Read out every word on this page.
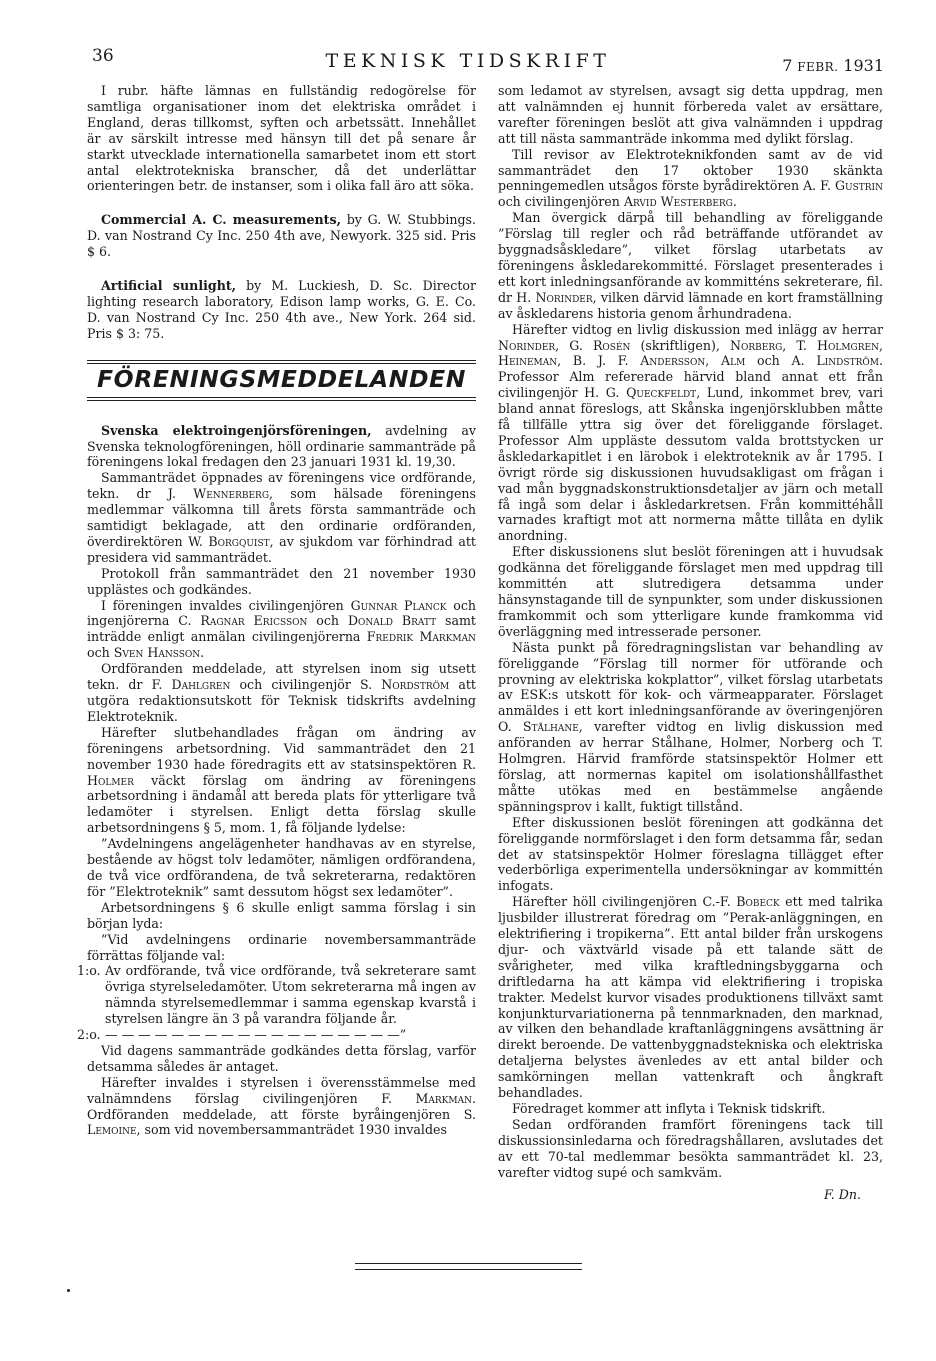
36	TEKNISK TIDSKRIFT	7 FEBR. 1931

I rubr. häfte lämnas en fullständig redogörelse för samtliga organisationer inom det elektriska området i England, deras tillkomst, syften och arbetssätt. Innehållet är av särskilt intresse med hänsyn till det på senare år starkt utvecklade internationella samarbetet inom ett stort antal elektrotekniska branscher, då det underlättar orienteringen betr. de instanser, som i olika fall äro att söka.

Commercial A. C. measurements, by G. W. Stubbings. D. van Nostrand Cy Inc. 250 4th ave, Newyork. 325 sid. Pris $ 6.

Artificial sunlight, by M. Luckiesh, D. Sc. Director lighting research laboratory, Edison lamp works, G. E. Co. D. van Nostrand Cy Inc. 250 4th ave., New York. 264 sid. Pris $ 3: 75.

FÖRENINGSMEDDELANDEN

Svenska elektroingenjörsföreningen, avdelning av Svenska teknologföreningen, höll ordinarie sammanträde på föreningens lokal fredagen den 23 januari 1931 kl. 19,30.

Sammanträdet öppnades av föreningens vice ordförande, tekn. dr J. Wennerberg, som hälsade föreningens medlemmar välkomna till årets första sammanträde och samtidigt beklagade, att den ordinarie ordföranden, överdirektören W. Borgquist, av sjukdom var förhindrad att presidera vid sammanträdet.

Protokoll från sammanträdet den 21 november 1930 upplästes och godkändes.

I föreningen invaldes civilingenjören Gunnar Planck och ingenjörerna C. Ragnar Ericsson och Donald Bratt samt inträdde enligt anmälan civilingenjörerna Fredrik Markman och Sven Hansson.

Ordföranden meddelade, att styrelsen inom sig utsett tekn. dr F. Dahlgren och civilingenjör S. Nordström att utgöra redaktionsutskott för Teknisk tidskrifts avdelning Elektroteknik.

Härefter slutbehandlades frågan om ändring av föreningens arbetsordning. Vid sammanträdet den 21 november 1930 hade föredragits ett av statsinspektören R. Holmer väckt förslag om ändring av föreningens arbetsordning i ändamål att bereda plats för ytterligare två ledamöter i styrelsen. Enligt detta förslag skulle arbetsordningens § 5, mom. 1, få följande lydelse:

”Avdelningens angelägenheter handhavas av en styrelse, bestående av högst tolv ledamöter, nämligen ordförandena, de två vice ordförandena, de två sekreterarna, redaktören för ”Elektroteknik” samt dessutom högst sex ledamöter”.

Arbetsordningens § 6 skulle enligt samma förslag i sin början lyda:

”Vid avdelningens ordinarie novembersammanträde förrättas följande val:

1:o. Av ordförande, två vice ordförande, två sekreterare samt övriga styrelseledamöter. Utom sekreterarna må ingen av nämnda styrelsemedlemmar i samma egenskap kvarstå i styrelsen längre än 3 på varandra följande år.
2:o. — — — — — — — — — — — — — — — — — —”

Vid dagens sammanträde godkändes detta förslag, varför detsamma således är antaget.

Härefter invaldes i styrelsen i överensstämmelse med valnämndens förslag civilingenjören F. Markman. Ordföranden meddelade, att förste byråingenjören S. Lemoine, som vid novembersammanträdet 1930 invaldes

som ledamot av styrelsen, avsagt sig detta uppdrag, men att valnämnden ej hunnit förbereda valet av ersättare, varefter föreningen beslöt att giva valnämnden i uppdrag att till nästa sammanträde inkomma med dylikt förslag.

Till revisor av Elektroteknikfonden samt av de vid sammanträdet den 17 oktober 1930 skänkta penningemedlen utsågos förste byrådirektören A. F. Gustrin och civilingenjören Arvid Westerberg.

Man övergick därpå till behandling av föreliggande ”Förslag till regler och råd beträffande utförandet av byggnadsåskledare”, vilket förslag utarbetats av föreningens åskledarekommitté. Förslaget presenterades i ett kort inledningsanförande av kommitténs sekreterare, fil. dr H. Norinder, vilken därvid lämnade en kort framställning av åskledarens historia genom århundradena.

Härefter vidtog en livlig diskussion med inlägg av herrar Norinder, G. Rosén (skriftligen), Norberg, T. Holmgren, Heineman, B. J. F. Andersson, Alm och A. Lindström. Professor Alm refererade härvid bland annat ett från civilingenjör H. G. Queckfeldt, Lund, inkommet brev, vari bland annat föreslogs, att Skånska ingenjörsklubben måtte få tillfälle yttra sig över det föreliggande förslaget. Professor Alm uppläste dessutom valda brottstycken ur åskledarkapitlet i en lärobok i elektroteknik av år 1795. I övrigt rörde sig diskussionen huvudsakligast om frågan i vad mån byggnadskonstruktionsdetaljer av järn och metall få ingå som delar i åskledarkretsen. Från kommittéhåll varnades kraftigt mot att normerna måtte tillåta en dylik anordning.

Efter diskussionens slut beslöt föreningen att i huvudsak godkänna det föreliggande förslaget men med uppdrag till kommittén att slutredigera detsamma under hänsynstagande till de synpunkter, som under diskussionen framkommit och som ytterligare kunde framkomma vid överläggning med intresserade personer.

Nästa punkt på föredragningslistan var behandling av föreliggande ”Förslag till normer för utförande och provning av elektriska kokplattor”, vilket förslag utarbetats av ESK:s utskott för kok- och värmeapparater. Förslaget anmäldes i ett kort inledningsanförande av överingenjören O. Stålhane, varefter vidtog en livlig diskussion med anföranden av herrar Stålhane, Holmer, Norberg och T. Holmgren. Härvid framförde statsinspektör Holmer ett förslag, att normernas kapitel om isolationshållfasthet måtte utökas med en bestämmelse angående spänningsprov i kallt, fuktigt tillstånd.

Efter diskussionen beslöt föreningen att godkänna det föreliggande normförslaget i den form detsamma får, sedan det av statsinspektör Holmer föreslagna tillägget efter vederbörliga experimentella undersökningar av kommittén infogats.

Härefter höll civilingenjören C.-F. Bobeck ett med talrika ljusbilder illustrerat föredrag om ”Perak-anläggningen, en elektrifiering i tropikerna”. Ett antal bilder från urskogens djur- och växtvärld visade på ett talande sätt de svårigheter, med vilka kraftledningsbyggarna och driftledarna ha att kämpa vid elektrifiering i tropiska trakter. Medelst kurvor visades produktionens tillväxt samt konjunkturvariationerna på tennmarknaden, den marknad, av vilken den behandlade kraftanläggningens avsättning är direkt beroende. De vattenbyggnadstekniska och elektriska detaljerna belystes ävenledes av ett antal bilder och samkörningen mellan vattenkraft och ångkraft behandlades.

Föredraget kommer att inflyta i Teknisk tidskrift.

Sedan ordföranden framfört föreningens tack till diskussionsinledarna och föredragshållaren, avslutades det av ett 70-tal medlemmar besökta sammanträdet kl. 23, varefter vidtog supé och samkväm.

F. Dn.
